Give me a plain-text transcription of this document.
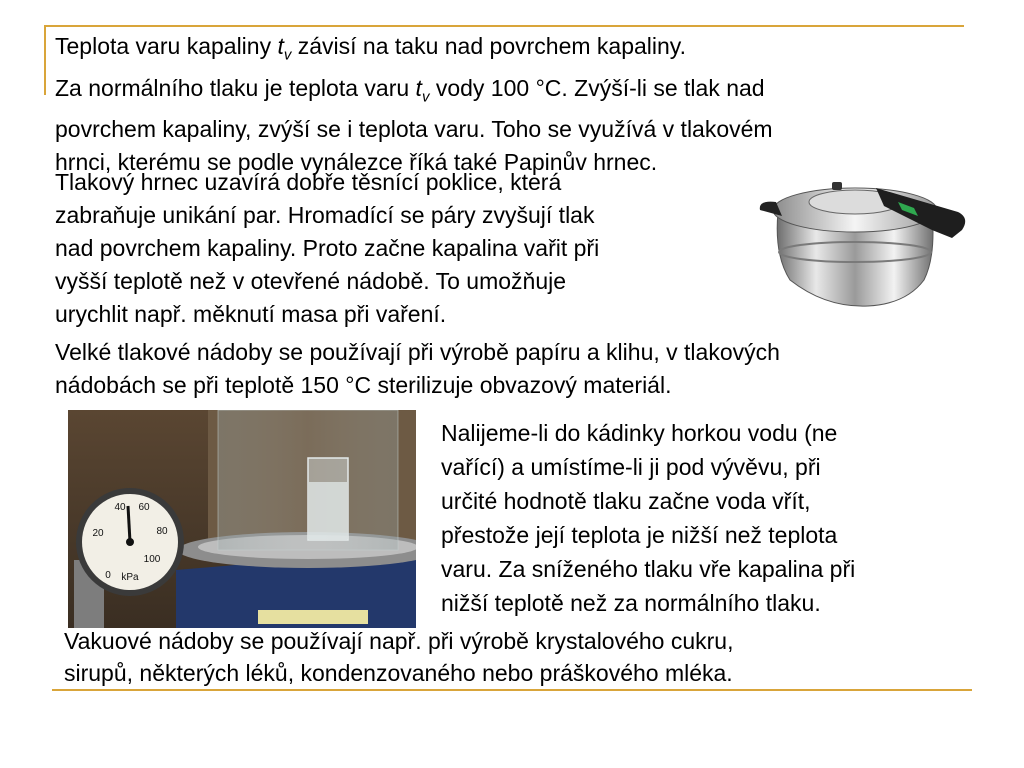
Teplota varu kapaliny $t_v$ závisí na taku nad povrchem kapaliny.
Za normálního tlaku je teplota varu $t_v$ vody 100 °C. Zvýší-li se tlak nad
povrchem kapaliny, zvýší se i teplota varu. Toho se využívá v tlakovém
hrnci, kterému se podle vynálezce říká také Papinův hrnec.
Tlakový hrnec uzavírá dobře těsnící poklice, která
zabraňuje unikání par. Hromadící se páry zvyšují tlak
nad povrchem kapaliny. Proto začne kapalina vařit při
vyšší teplotě než v otevřené nádobě. To umožňuje
urychlit např. měknutí masa při vaření.
Velké tlakové nádoby se používají při výrobě papíru a klihu, v tlakových
nádobách se při teplotě 150 °C sterilizuje obvazový materiál.
0
20
40 60
80
100
kPa
Nalijeme-li do kádinky horkou vodu (ne
vařící) a umístíme-li ji pod vývěvu, při
určité hodnotě tlaku začne voda vřít,
přestože její teplota je nižší než teplota
varu. Za sníženého tlaku vře kapalina při
nižší teplotě než za normálního tlaku.
Vakuové nádoby se používají např. při výrobě krystalového cukru,
sirupů, některých léků, kondenzovaného nebo práškového mléka.
